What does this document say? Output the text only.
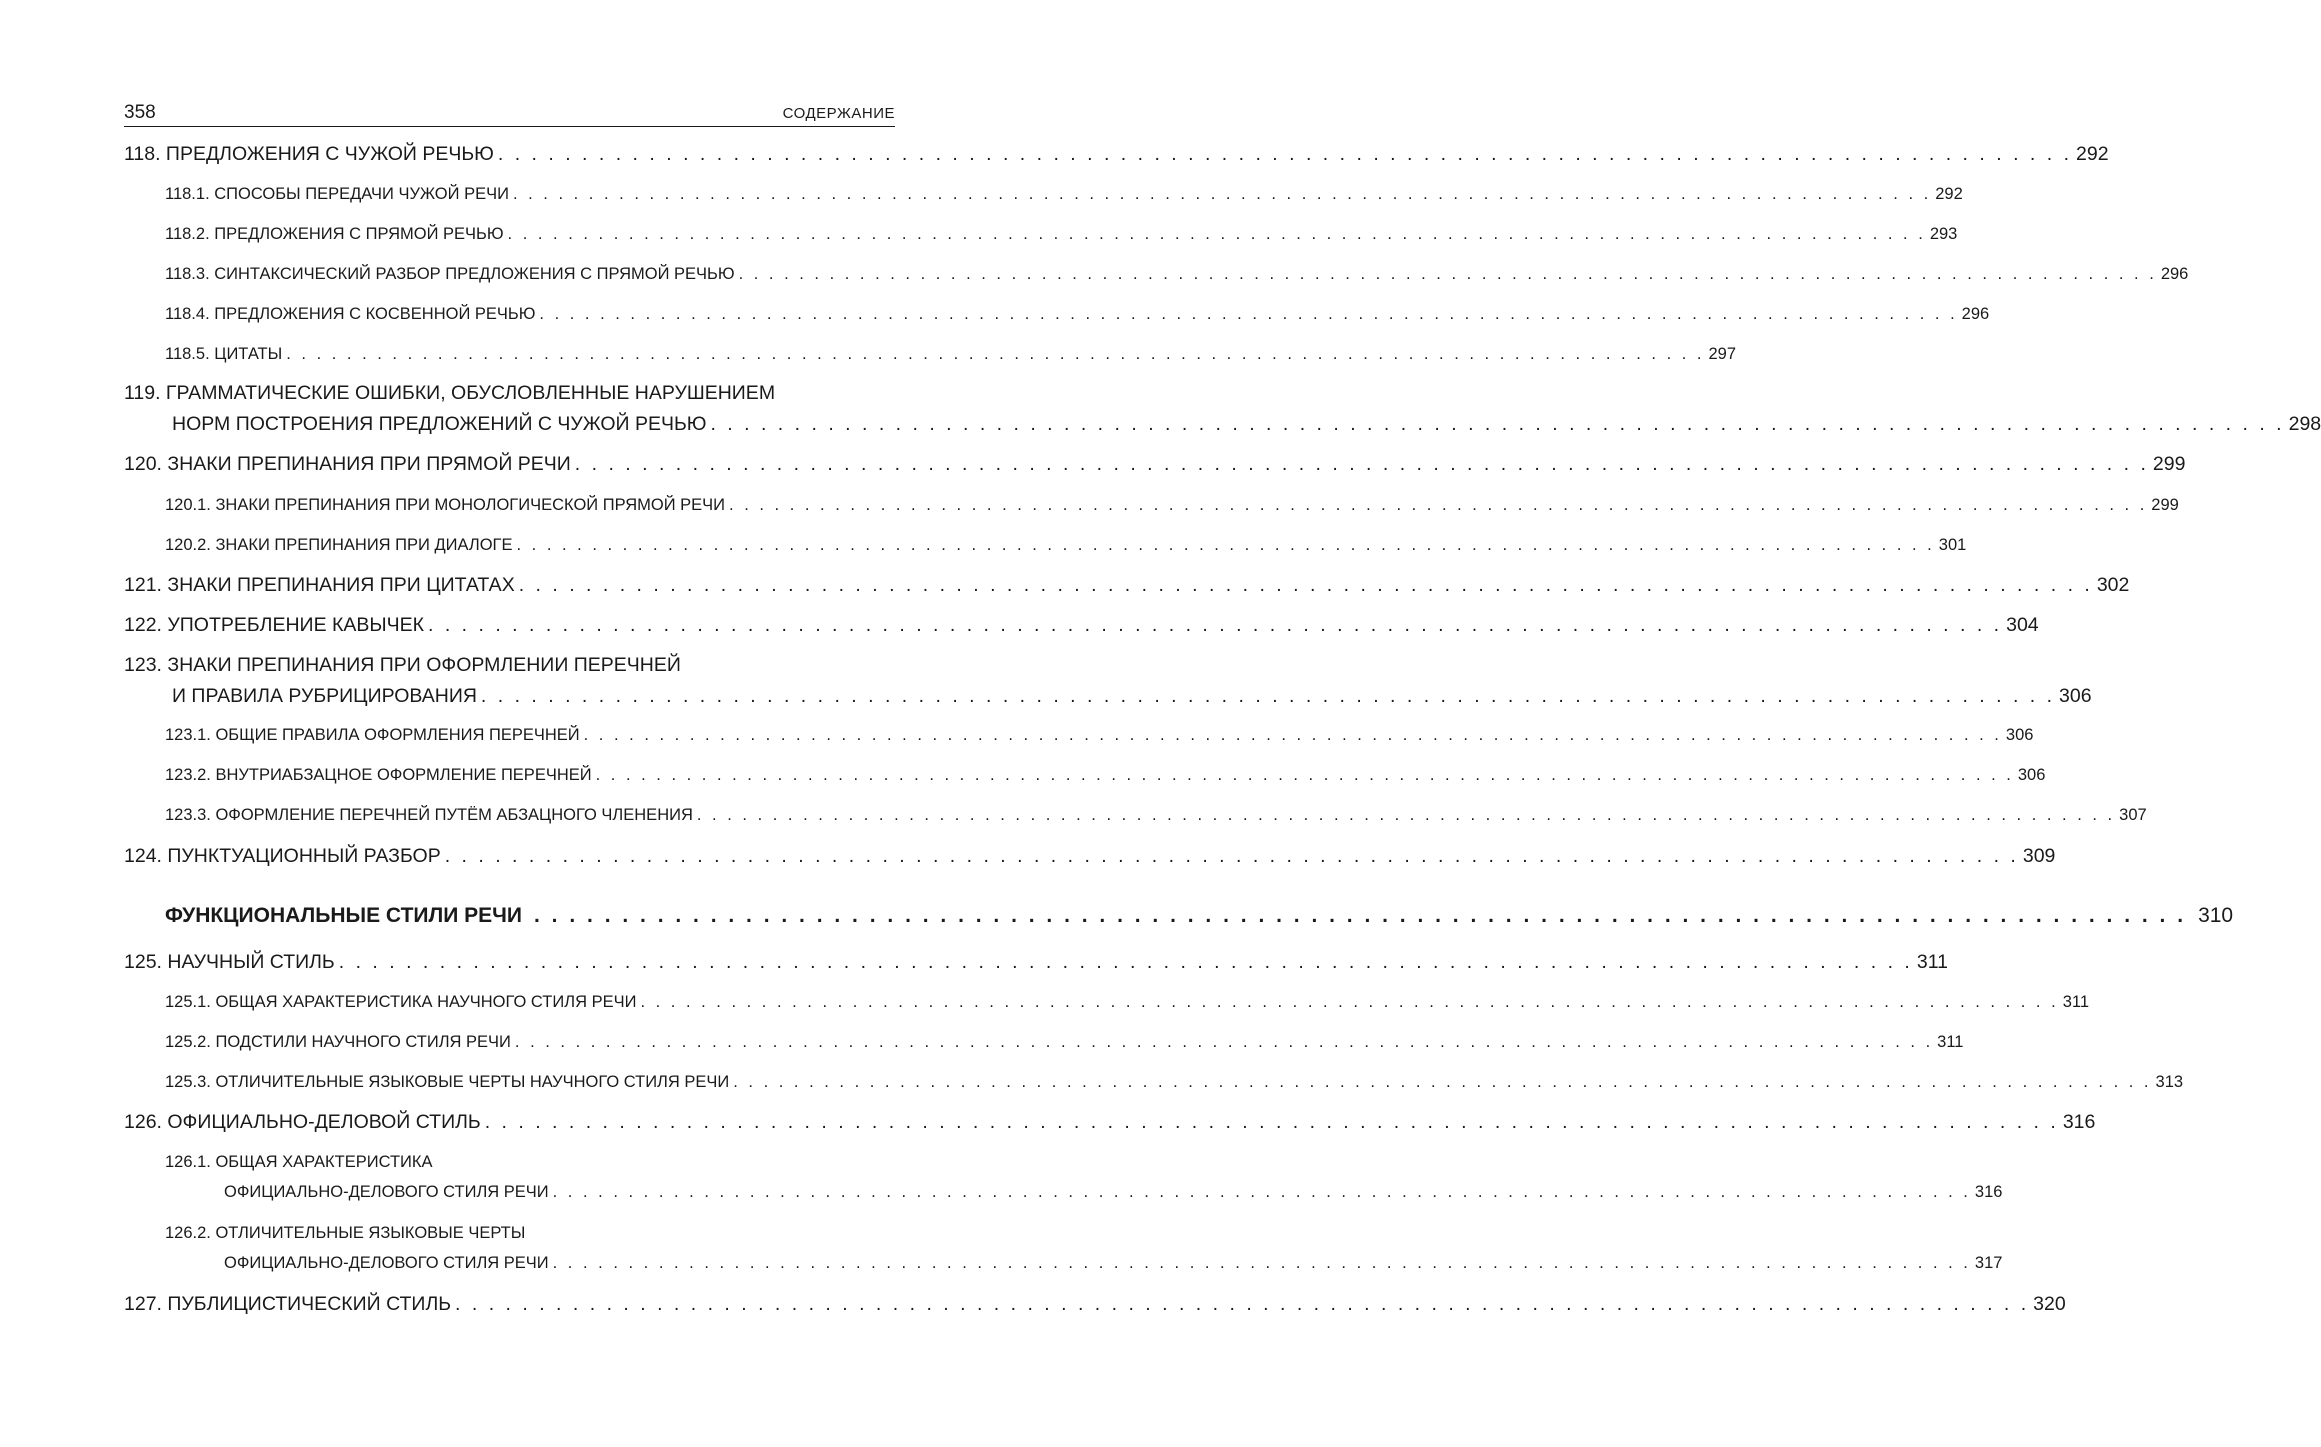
358	СОДЕРЖАНИЕ
118. ПРЕДЛОЖЕНИЯ С ЧУЖОЙ РЕЧЬЮ . . . . . . . . . . . . . . . . . . . . . . . . . . . . . . . . . . . . . . . . . . . . . . . . . . . . . . . . . . . . . . . . . . . . . . . . . . . . . . . . . . . . . . . . . . . . . . 292
118.1. СПОСОБЫ ПЕРЕДАЧИ ЧУЖОЙ РЕЧИ . . . . . . . . . . . . . . . . . . . . . . . . . . . . . . . . . . . . . . . . . . . . . . . . . . . . . . . . . . . . . . . . . . . . . . . . . . . . . . . . . . . . . . . . . . . . . . 292
118.2. ПРЕДЛОЖЕНИЯ С ПРЯМОЙ РЕЧЬЮ . . . . . . . . . . . . . . . . . . . . . . . . . . . . . . . . . . . . . . . . . . . . . . . . . . . . . . . . . . . . . . . . . . . . . . . . . . . . . . . . . . . . . . . . . . . . . . 293
118.3. СИНТАКСИЧЕСКИЙ РАЗБОР ПРЕДЛОЖЕНИЯ С ПРЯМОЙ РЕЧЬЮ . . . . . . . . . . . . . . . . . . . . . . . . . . . . . . . . . . . . . . . . . . . . . . . . . . . . . . . . . . . . . . . . . . . . . . . . . . . . . . . . . . . . . . . . . . . . . . 296
118.4. ПРЕДЛОЖЕНИЯ С КОСВЕННОЙ РЕЧЬЮ . . . . . . . . . . . . . . . . . . . . . . . . . . . . . . . . . . . . . . . . . . . . . . . . . . . . . . . . . . . . . . . . . . . . . . . . . . . . . . . . . . . . . . . . . . . . . . 296
118.5. ЦИТАТЫ . . . . . . . . . . . . . . . . . . . . . . . . . . . . . . . . . . . . . . . . . . . . . . . . . . . . . . . . . . . . . . . . . . . . . . . . . . . . . . . . . . . . . . . . . . . . . . 297
119. ГРАММАТИЧЕСКИЕ ОШИБКИ, ОБУСЛОВЛЕННЫЕ НАРУШЕНИЕМ
НОРМ ПОСТРОЕНИЯ ПРЕДЛОЖЕНИЙ С ЧУЖОЙ РЕЧЬЮ . . . . . . . . . . . . . . . . . . . . . . . . . . . . . . . . . . . . . . . . . . . . . . . . . . . . . . . . . . . . . . . . . . . . . . . . . . . . . . . . . . . . . . . . . . . . . . 298
120. ЗНАКИ ПРЕПИНАНИЯ ПРИ ПРЯМОЙ РЕЧИ . . . . . . . . . . . . . . . . . . . . . . . . . . . . . . . . . . . . . . . . . . . . . . . . . . . . . . . . . . . . . . . . . . . . . . . . . . . . . . . . . . . . . . . . . . . . . . 299
120.1. ЗНАКИ ПРЕПИНАНИЯ ПРИ МОНОЛОГИЧЕСКОЙ ПРЯМОЙ РЕЧИ . . . . . . . . . . . . . . . . . . . . . . . . . . . . . . . . . . . . . . . . . . . . . . . . . . . . . . . . . . . . . . . . . . . . . . . . . . . . . . . . . . . . . . . . . . . . . . 299
120.2. ЗНАКИ ПРЕПИНАНИЯ ПРИ ДИАЛОГЕ . . . . . . . . . . . . . . . . . . . . . . . . . . . . . . . . . . . . . . . . . . . . . . . . . . . . . . . . . . . . . . . . . . . . . . . . . . . . . . . . . . . . . . . . . . . . . . 301
121. ЗНАКИ ПРЕПИНАНИЯ ПРИ ЦИТАТАХ . . . . . . . . . . . . . . . . . . . . . . . . . . . . . . . . . . . . . . . . . . . . . . . . . . . . . . . . . . . . . . . . . . . . . . . . . . . . . . . . . . . . . . . . . . . . . . 302
122. УПОТРЕБЛЕНИЕ КАВЫЧЕК . . . . . . . . . . . . . . . . . . . . . . . . . . . . . . . . . . . . . . . . . . . . . . . . . . . . . . . . . . . . . . . . . . . . . . . . . . . . . . . . . . . . . . . . . . . . . . 304
123. ЗНАКИ ПРЕПИНАНИЯ ПРИ ОФОРМЛЕНИИ ПЕРЕЧНЕЙ
И ПРАВИЛА РУБРИЦИРОВАНИЯ . . . . . . . . . . . . . . . . . . . . . . . . . . . . . . . . . . . . . . . . . . . . . . . . . . . . . . . . . . . . . . . . . . . . . . . . . . . . . . . . . . . . . . . . . . . . . . 306
123.1. ОБЩИЕ ПРАВИЛА ОФОРМЛЕНИЯ ПЕРЕЧНЕЙ . . . . . . . . . . . . . . . . . . . . . . . . . . . . . . . . . . . . . . . . . . . . . . . . . . . . . . . . . . . . . . . . . . . . . . . . . . . . . . . . . . . . . . . . . . . . . . 306
123.2. ВНУТРИАБЗАЦНОЕ ОФОРМЛЕНИЕ ПЕРЕЧНЕЙ . . . . . . . . . . . . . . . . . . . . . . . . . . . . . . . . . . . . . . . . . . . . . . . . . . . . . . . . . . . . . . . . . . . . . . . . . . . . . . . . . . . . . . . . . . . . . . 306
123.3. ОФОРМЛЕНИЕ ПЕРЕЧНЕЙ ПУТЁМ АБЗАЦНОГО ЧЛЕНЕНИЯ . . . . . . . . . . . . . . . . . . . . . . . . . . . . . . . . . . . . . . . . . . . . . . . . . . . . . . . . . . . . . . . . . . . . . . . . . . . . . . . . . . . . . . . . . . . . . . 307
124. ПУНКТУАЦИОННЫЙ РАЗБОР . . . . . . . . . . . . . . . . . . . . . . . . . . . . . . . . . . . . . . . . . . . . . . . . . . . . . . . . . . . . . . . . . . . . . . . . . . . . . . . . . . . . . . . . . . . . . . 309
ФУНКЦИОНАЛЬНЫЕ СТИЛИ РЕЧИ . . . . . . . . . . . . . . . . . . . . . . . . . . . . . . . . . . . . . . . . . . . . . . . . . . . . . . . . . . . . . . . . . . . . . . . . . . . . . . . . . . . . . . . . . . . . . . 310
125. НАУЧНЫЙ СТИЛЬ . . . . . . . . . . . . . . . . . . . . . . . . . . . . . . . . . . . . . . . . . . . . . . . . . . . . . . . . . . . . . . . . . . . . . . . . . . . . . . . . . . . . . . . . . . . . . . 311
125.1. ОБЩАЯ ХАРАКТЕРИСТИКА НАУЧНОГО СТИЛЯ РЕЧИ . . . . . . . . . . . . . . . . . . . . . . . . . . . . . . . . . . . . . . . . . . . . . . . . . . . . . . . . . . . . . . . . . . . . . . . . . . . . . . . . . . . . . . . . . . . . . . 311
125.2. ПОДСТИЛИ НАУЧНОГО СТИЛЯ РЕЧИ . . . . . . . . . . . . . . . . . . . . . . . . . . . . . . . . . . . . . . . . . . . . . . . . . . . . . . . . . . . . . . . . . . . . . . . . . . . . . . . . . . . . . . . . . . . . . . 311
125.3. ОТЛИЧИТЕЛЬНЫЕ ЯЗЫКОВЫЕ ЧЕРТЫ НАУЧНОГО СТИЛЯ РЕЧИ . . . . . . . . . . . . . . . . . . . . . . . . . . . . . . . . . . . . . . . . . . . . . . . . . . . . . . . . . . . . . . . . . . . . . . . . . . . . . . . . . . . . . . . . . . . . . . 313
126. ОФИЦИАЛЬНО-ДЕЛОВОЙ СТИЛЬ . . . . . . . . . . . . . . . . . . . . . . . . . . . . . . . . . . . . . . . . . . . . . . . . . . . . . . . . . . . . . . . . . . . . . . . . . . . . . . . . . . . . . . . . . . . . . . 316
126.1. ОБЩАЯ ХАРАКТЕРИСТИКА
ОФИЦИАЛЬНО-ДЕЛОВОГО СТИЛЯ РЕЧИ . . . . . . . . . . . . . . . . . . . . . . . . . . . . . . . . . . . . . . . . . . . . . . . . . . . . . . . . . . . . . . . . . . . . . . . . . . . . . . . . . . . . . . . . . . . . . . 316
126.2. ОТЛИЧИТЕЛЬНЫЕ ЯЗЫКОВЫЕ ЧЕРТЫ
ОФИЦИАЛЬНО-ДЕЛОВОГО СТИЛЯ РЕЧИ . . . . . . . . . . . . . . . . . . . . . . . . . . . . . . . . . . . . . . . . . . . . . . . . . . . . . . . . . . . . . . . . . . . . . . . . . . . . . . . . . . . . . . . . . . . . . . 317
127. ПУБЛИЦИСТИЧЕСКИЙ СТИЛЬ . . . . . . . . . . . . . . . . . . . . . . . . . . . . . . . . . . . . . . . . . . . . . . . . . . . . . . . . . . . . . . . . . . . . . . . . . . . . . . . . . . . . . . . . . . . . . . 320
